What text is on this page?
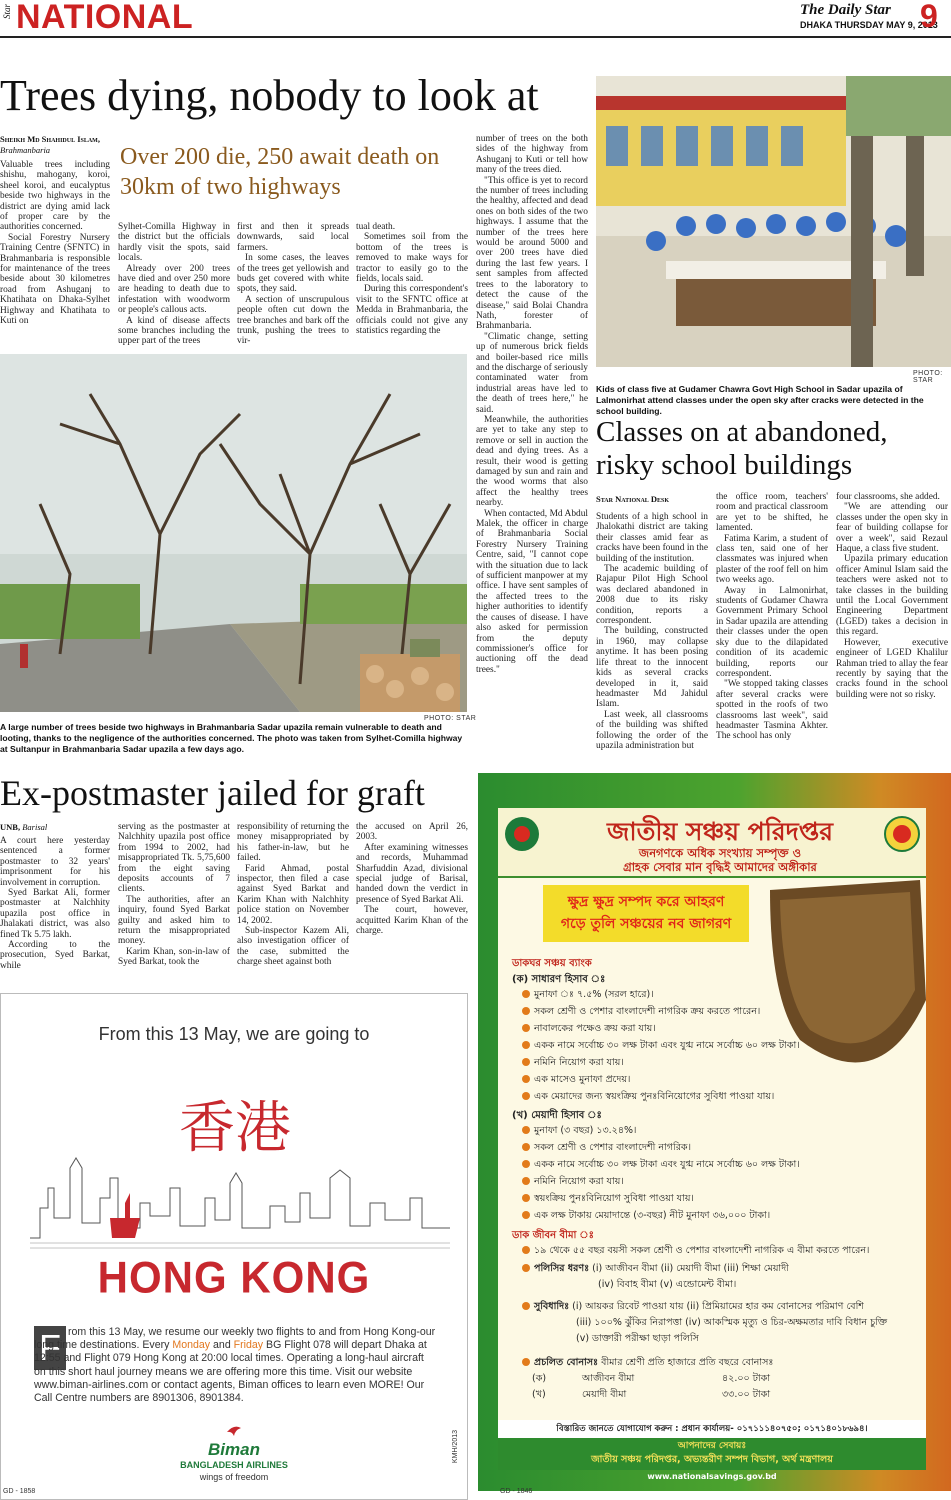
Star NATIONAL	The Daily Star
DHAKA THURSDAY MAY 9, 2013
9
Trees dying, nobody to look at
Over 200 die, 250 await death on 30km of two highways
Sheikh Md Shahidul Islam, Brahmanbaria

Valuable trees including shishu, mahogany, koroi, sheel koroi, and eucalyptus beside two highways in the district are dying amid lack of proper care by the authorities concerned.

Social Forestry Nursery Training Centre (SFNTC) in Brahmanbaria is responsible for maintenance of the trees beside about 30 kilometres road from Ashuganj to Khatihata on Dhaka-Sylhet Highway and Khatihata to Kuti on

Sylhet-Comilla Highway in the district but the officials hardly visit the spots, said locals.

Already over 200 trees have died and over 250 more are heading to death due to infestation with woodworm or people's callous acts.

A kind of disease affects some branches including the upper part of the trees

first and then it spreads downwards, said local farmers.

In some cases, the leaves of the trees get yellowish and buds get covered with white spots, they said.

A section of unscrupulous people often cut down the tree branches and bark off the trunk, pushing the trees to vir-

tual death.

Sometimes soil from the bottom of the trees is removed to make ways for tractor to easily go to the fields, locals said.

During this correspondent's visit to the SFNTC office at Medda in Brahmanbaria, the officials could not give any statistics regarding the

number of trees on the both sides of the highway from Ashuganj to Kuti or tell how many of the trees died.

"This office is yet to record the number of trees including the healthy, affected and dead ones on both sides of the two highways. I assume that the number of the trees here would be around 5000 and over 200 trees have died during the last few years. I sent samples from affected trees to the laboratory to detect the cause of the disease," said Bolai Chandra Nath, forester of Brahmanbaria.

"Climatic change, setting up of numerous brick fields and boiler-based rice mills and the discharge of seriously contaminated water from industrial areas have led to the death of trees here," he said.

Meanwhile, the authorities are yet to take any step to remove or sell in auction the dead and dying trees. As a result, their wood is getting damaged by sun and rain and the wood worms that also affect the healthy trees nearby.

When contacted, Md Abdul Malek, the officer in charge of Brahmanbaria Social Forestry Nursery Training Centre, said, "I cannot cope with the situation due to lack of sufficient manpower at my office. I have sent samples of the affected trees to the higher authorities to identify the causes of disease. I have also asked for permission from the deputy commissioner's office for auctioning off the dead trees."

PHOTO: STAR
A large number of trees beside two highways in Brahmanbaria Sadar upazila remain vulnerable to death and looting, thanks to the negligence of the authorities concerned. The photo was taken from Sylhet-Comilla highway at Sultanpur in Brahmanbaria Sadar upazila a few days ago.
PHOTO: STAR
Kids of class five at Gudamer Chawra Govt High School in Sadar upazila of Lalmonirhat attend classes under the open sky after cracks were detected in the school building.
Classes on at abandoned, risky school buildings
Star National Desk

Students of a high school in Jhalokathi district are taking their classes amid fear as cracks have been found in the building of the institution.

The academic building of Rajapur Pilot High School was declared abandoned in 2008 due to its risky condition, reports a correspondent.

The building, constructed in 1960, may collapse anytime. It has been posing life threat to the innocent kids as several cracks developed in it, said headmaster Md Jahidul Islam.

Last week, all classrooms of the building was shifted following the order of the upazila administration but

the office room, teachers' room and practical classroom are yet to be shifted, he lamented.

Fatima Karim, a student of class ten, said one of her classmates was injured when plaster of the roof fell on him two weeks ago.

Away in Lalmonirhat, students of Gudamer Chawra Government Primary School in Sadar upazila are attending their classes under the open sky due to the dilapidated condition of its academic building, reports our correspondent.

"We stopped taking classes after several cracks were spotted in the roofs of two classrooms last week", said headmaster Tasmina Akhter. The school has only

four classrooms, she added.

"We are attending our classes under the open sky in fear of building collapse for over a week", said Rezaul Haque, a class five student.

Upazila primary education officer Aminul Islam said the teachers were asked not to take classes in the building until the Local Government Engineering Department (LGED) takes a decision in this regard.

However, executive engineer of LGED Khalilur Rahman tried to allay the fear recently by saying that the cracks found in the school building were not so risky.

Ex-postmaster jailed for graft
UNB, Barisal

A court here yesterday sentenced a former postmaster to 32 years' imprisonment for his involvement in corruption.

Syed Barkat Ali, former postmaster at Nalchhity upazila post office in Jhalakati district, was also fined Tk 5.75 lakh.

According to the prosecution, Syed Barkat, while

serving as the postmaster at Nalchhity upazila post office from 1994 to 2002, had misappropriated Tk. 5,75,600 from the eight saving deposits accounts of 7 clients.

The authorities, after an inquiry, found Syed Barkat guilty and asked him to return the misappropriated money.

Karim Khan, son-in-law of Syed Barkat, took the

responsibility of returning the money misappropriated by his father-in-law, but he failed.

Farid Ahmad, postal inspector, then filed a case against Syed Barkat and Karim Khan with Nalchhity police station on November 14, 2002.

Sub-inspector Kazem Ali, also investigation officer of the case, submitted the charge sheet against both

the accused on April 26, 2003.

After examining witnesses and records, Muhammad Sharfuddin Azad, divisional special judge of Barisal, handed down the verdict in presence of Syed Barkat Ali.

The court, however, acquitted Karim Khan of the charge.

From this 13 May, we are going to
香港
HONG KONG
F rom this 13 May, we resume our weekly two flights to and from Hong Kong-our long time destinations. Every Monday and Friday BG Flight 078 will depart Dhaka at 12:55 and Flight 079 Hong Kong at 20:00 local times. Operating a long-haul aircraft on this short haul journey means we are offering more this time. Visit our website www.biman-airlines.com or contact agents, Biman offices to learn even MORE! Our Call Centre numbers are 8901306, 8901384.
Biman
BANGLADESH AIRLINES
wings of freedom
GD - 1858
KMH/2013
জাতীয় সঞ্চয় পরিদপ্তর
জনগণকে অধিক সংখ্যায় সম্পৃক্ত ও
গ্রাহক সেবার মান বৃদ্ধিই আমাদের অঙ্গীকার
ক্ষুদ্র ক্ষুদ্র সম্পদ করে আহরণ
গড়ে তুলি সঞ্চয়ের নব জাগরণ
ডাকঘর সঞ্চয় ব্যাংক
(ক) সাধারণ হিসাব ঃ
মুনাফা ঃ ৭.৫% (সরল হারে)।
সকল শ্রেণী ও পেশার বাংলাদেশী নাগরিক ক্রয় করতে পারেন।
নাবালকের পক্ষেও ক্রয় করা যায়।
একক নামে সর্বোচ্চ ৩০ লক্ষ টাকা এবং যুগ্ম নামে সর্বোচ্চ ৬০ লক্ষ টাকা।
নমিনি নিয়োগ করা যায়।
এক মাসেও মুনাফা প্রদেয়।
এক মেয়াদের জন্য স্বয়ংক্রিয় পুনঃবিনিয়োগের সুবিধা পাওয়া যায়।
(খ) মেয়াদী হিসাব ঃ
মুনাফা (৩ বছর) ১৩.২৪%।
সকল শ্রেণী ও পেশার বাংলাদেশী নাগরিক।
একক নামে সর্বোচ্চ ৩০ লক্ষ টাকা এবং যুগ্ম নামে সর্বোচ্চ ৬০ লক্ষ টাকা।
নমিনি নিয়োগ করা যায়।
স্বয়ংক্রিয় পুনঃবিনিয়োগ সুবিধা পাওয়া যায়।
এক লক্ষ টাকায় মেয়াদান্তে (৩-বছর) নীট মুনাফা ৩৬,০০০ টাকা।
ডাক জীবন বীমা ঃ
১৯ থেকে ৫৫ বছর বয়সী সকল শ্রেণী ও পেশার বাংলাদেশী নাগরিক এ বীমা করতে পারেন।
পলিসির ধরণঃ (i) আজীবন বীমা (ii) মেয়াদী বীমা (iii) শিক্ষা মেয়াদী
(iv) বিবাহ বীমা (v) এন্ডোমেন্ট বীমা।
সুবিধাদিঃ (i) আয়কর রিবেট পাওয়া যায় (ii) প্রিমিয়ামের হার কম বোনাসের পরিমাণ বেশি
(iii) ১০০% ঝুঁকির নিরাপত্তা (iv) আকস্মিক মৃত্যু ও চির-অক্ষমতার দাবি বিধান চুক্তি
(v) ডাক্তারী পরীক্ষা ছাড়া পলিসি
প্রচলিত বোনাসঃ বীমার শ্রেণী প্রতি হাজারে প্রতি বছরে বোনাসঃ
(ক)	আজীবন বীমা	৪২.০০ টাকা
(খ)	মেয়াদী বীমা	৩৩.০০ টাকা
বিস্তারিত জানতে যোগাযোগ করুন : প্রধান কার্যালয়- ০১৭১১১৪০৭৫০; ০১৭১৪০১৮৬৯৪।
আপনাদের সেবায়ঃ
জাতীয় সঞ্চয় পরিদপ্তর, অভ্যন্তরীণ সম্পদ বিভাগ, অর্থ মন্ত্রণালয়
www.nationalsavings.gov.bd
GD - 1846
